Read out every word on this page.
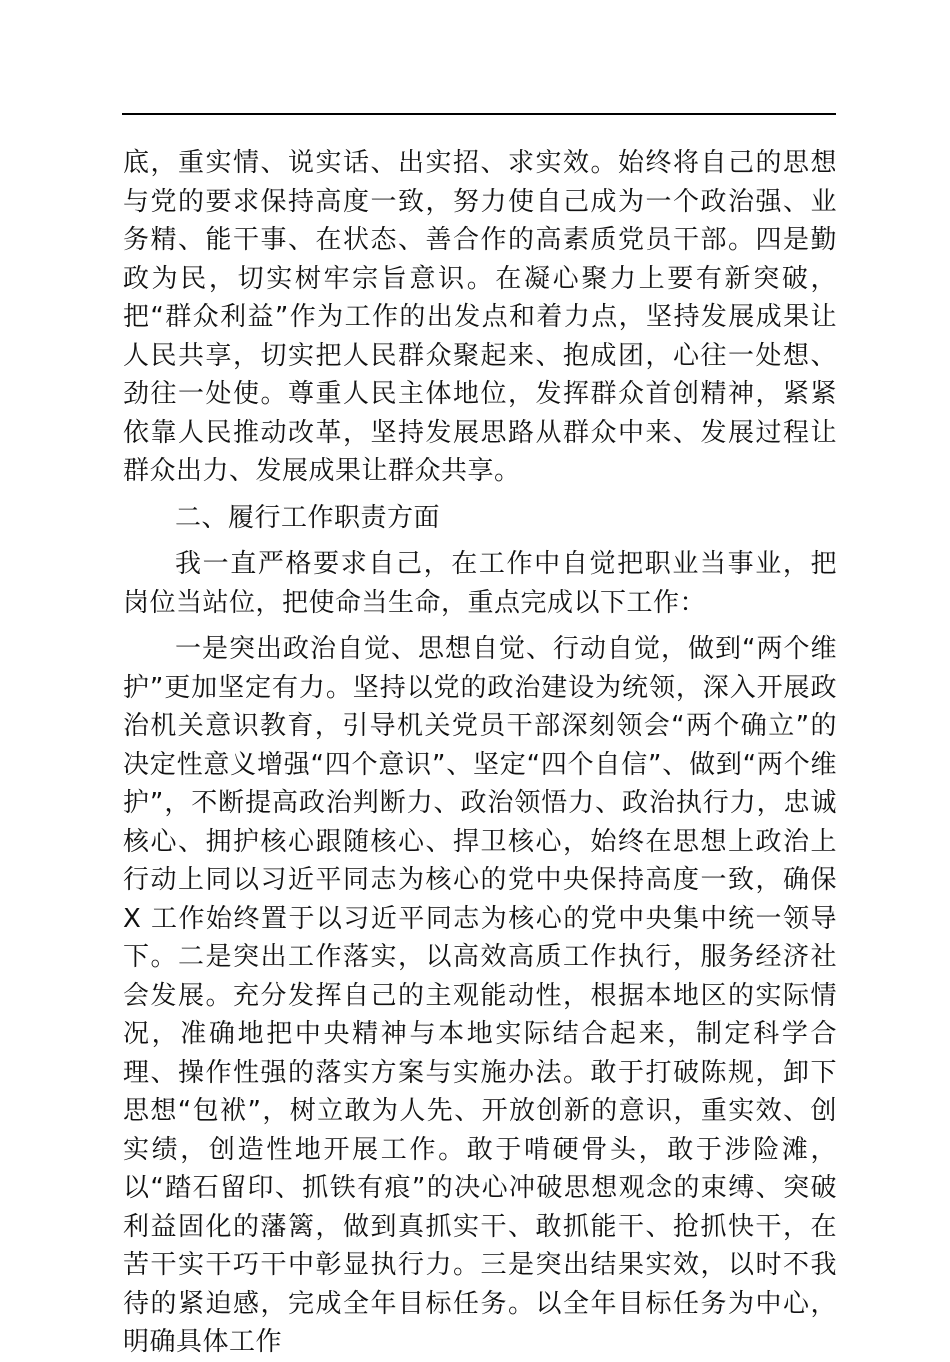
底，重实情、说实话、出实招、求实效。始终将自己的思想与党的要求保持高度一致，努力使自己成为一个政治强、业务精、能干事、在状态、善合作的高素质党员干部。四是勤政为民，切实树牢宗旨意识。在凝心聚力上要有新突破，把“群众利益”作为工作的出发点和着力点，坚持发展成果让人民共享，切实把人民群众聚起来、抱成团，心往一处想、劲往一处使。尊重人民主体地位，发挥群众首创精神，紧紧依靠人民推动改革，坚持发展思路从群众中来、发展过程让群众出力、发展成果让群众共享。

二、履行工作职责方面

我一直严格要求自己，在工作中自觉把职业当事业，把岗位当站位，把使命当生命，重点完成以下工作：

一是突出政治自觉、思想自觉、行动自觉，做到“两个维护”更加坚定有力。坚持以党的政治建设为统领，深入开展政治机关意识教育，引导机关党员干部深刻领会“两个确立”的决定性意义增强“四个意识”、坚定“四个自信”、做到“两个维护”，不断提高政治判断力、政治领悟力、政治执行力，忠诚核心、拥护核心跟随核心、捍卫核心，始终在思想上政治上行动上同以习近平同志为核心的党中央保持高度一致，确保 X 工作始终置于以习近平同志为核心的党中央集中统一领导下。二是突出工作落实，以高效高质工作执行，服务经济社会发展。充分发挥自己的主观能动性，根据本地区的实际情况，准确地把中央精神与本地实际结合起来，制定科学合理、操作性强的落实方案与实施办法。敢于打破陈规，卸下思想“包袱”，树立敢为人先、开放创新的意识，重实效、创实绩，创造性地开展工作。敢于啃硬骨头，敢于涉险滩，以“踏石留印、抓铁有痕”的决心冲破思想观念的束缚、突破利益固化的藩篱，做到真抓实干、敢抓能干、抢抓快干，在苦干实干巧干中彰显执行力。三是突出结果实效，以时不我待的紧迫感，完成全年目标任务。以全年目标任务为中心，明确具体工作
